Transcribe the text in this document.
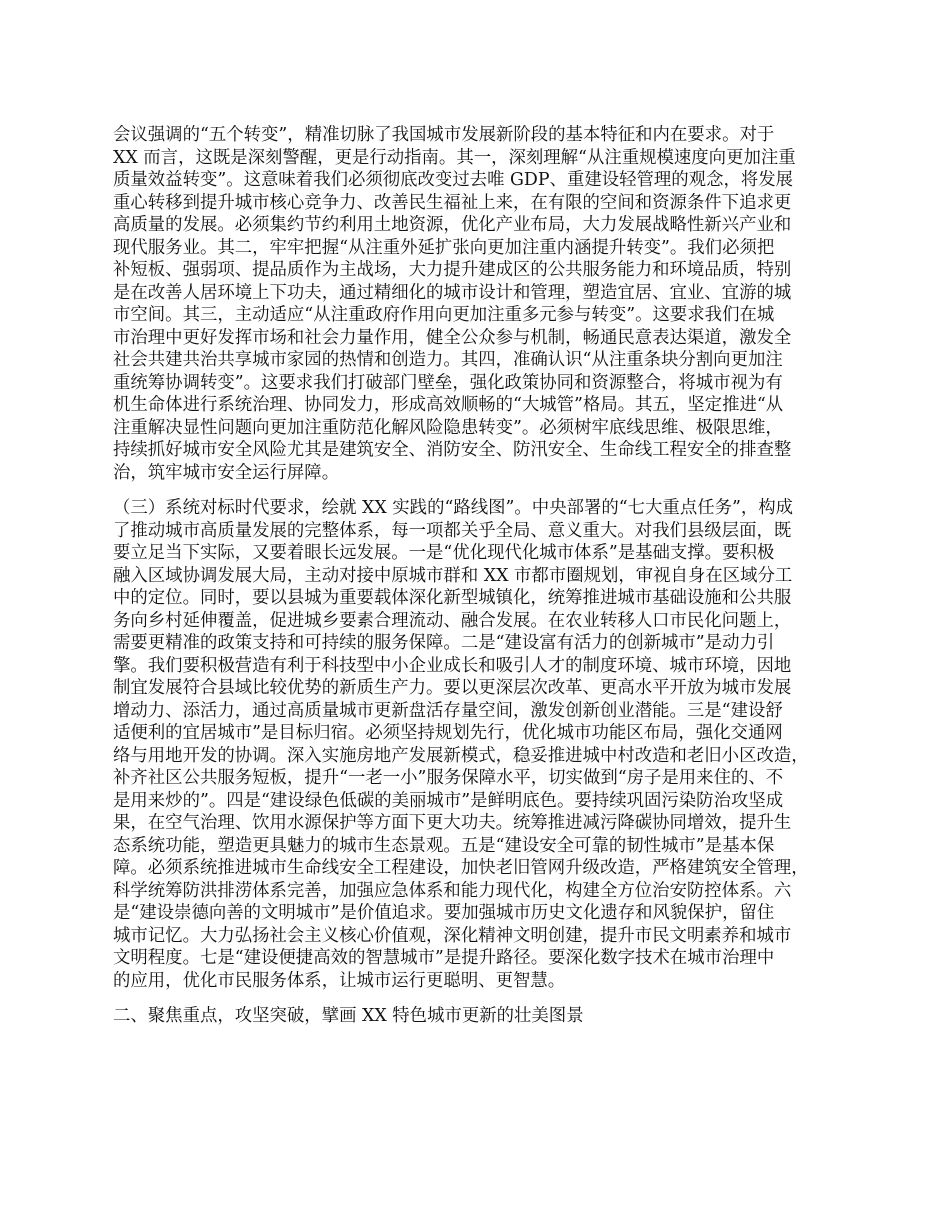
会议强调的“五个转变”，精准切脉了我国城市发展新阶段的基本特征和内在要求。对于
XX 而言，这既是深刻警醒，更是行动指南。其一，深刻理解“从注重规模速度向更加注重
质量效益转变”。这意味着我们必须彻底改变过去唯 GDP、重建设轻管理的观念，将发展
重心转移到提升城市核心竞争力、改善民生福祉上来，在有限的空间和资源条件下追求更
高质量的发展。必须集约节约利用土地资源，优化产业布局，大力发展战略性新兴产业和
现代服务业。其二，牢牢把握“从注重外延扩张向更加注重内涵提升转变”。我们必须把
补短板、强弱项、提品质作为主战场，大力提升建成区的公共服务能力和环境品质，特别
是在改善人居环境上下功夫，通过精细化的城市设计和管理，塑造宜居、宜业、宜游的城
市空间。其三，主动适应“从注重政府作用向更加注重多元参与转变”。这要求我们在城
市治理中更好发挥市场和社会力量作用，健全公众参与机制，畅通民意表达渠道，激发全
社会共建共治共享城市家园的热情和创造力。其四，准确认识“从注重条块分割向更加注
重统筹协调转变”。这要求我们打破部门壁垒，强化政策协同和资源整合，将城市视为有
机生命体进行系统治理、协同发力，形成高效顺畅的“大城管”格局。其五，坚定推进“从
注重解决显性问题向更加注重防范化解风险隐患转变”。必须树牢底线思维、极限思维，
持续抓好城市安全风险尤其是建筑安全、消防安全、防汛安全、生命线工程安全的排查整
治，筑牢城市安全运行屏障。
（三）系统对标时代要求，绘就 XX 实践的“路线图”。中央部署的“七大重点任务”，构成
了推动城市高质量发展的完整体系，每一项都关乎全局、意义重大。对我们县级层面，既
要立足当下实际，又要着眼长远发展。一是“优化现代化城市体系”是基础支撑。要积极
融入区域协调发展大局，主动对接中原城市群和 XX 市都市圈规划，审视自身在区域分工
中的定位。同时，要以县城为重要载体深化新型城镇化，统筹推进城市基础设施和公共服
务向乡村延伸覆盖，促进城乡要素合理流动、融合发展。在农业转移人口市民化问题上，
需要更精准的政策支持和可持续的服务保障。二是“建设富有活力的创新城市”是动力引
擎。我们要积极营造有利于科技型中小企业成长和吸引人才的制度环境、城市环境，因地
制宜发展符合县域比较优势的新质生产力。要以更深层次改革、更高水平开放为城市发展
增动力、添活力，通过高质量城市更新盘活存量空间，激发创新创业潜能。三是“建设舒
适便利的宜居城市”是目标归宿。必须坚持规划先行，优化城市功能区布局，强化交通网
络与用地开发的协调。深入实施房地产发展新模式，稳妥推进城中村改造和老旧小区改造，
补齐社区公共服务短板，提升“一老一小”服务保障水平，切实做到“房子是用来住的、不
是用来炒的”。四是“建设绿色低碳的美丽城市”是鲜明底色。要持续巩固污染防治攻坚成
果，在空气治理、饮用水源保护等方面下更大功夫。统筹推进减污降碳协同增效，提升生
态系统功能，塑造更具魅力的城市生态景观。五是“建设安全可靠的韧性城市”是基本保
障。必须系统推进城市生命线安全工程建设，加快老旧管网升级改造，严格建筑安全管理，
科学统筹防洪排涝体系完善，加强应急体系和能力现代化，构建全方位治安防控体系。六
是“建设崇德向善的文明城市”是价值追求。要加强城市历史文化遗存和风貌保护，留住
城市记忆。大力弘扬社会主义核心价值观，深化精神文明创建，提升市民文明素养和城市
文明程度。七是“建设便捷高效的智慧城市”是提升路径。要深化数字技术在城市治理中
的应用，优化市民服务体系，让城市运行更聪明、更智慧。
二、聚焦重点，攻坚突破，擘画 XX 特色城市更新的壮美图景
